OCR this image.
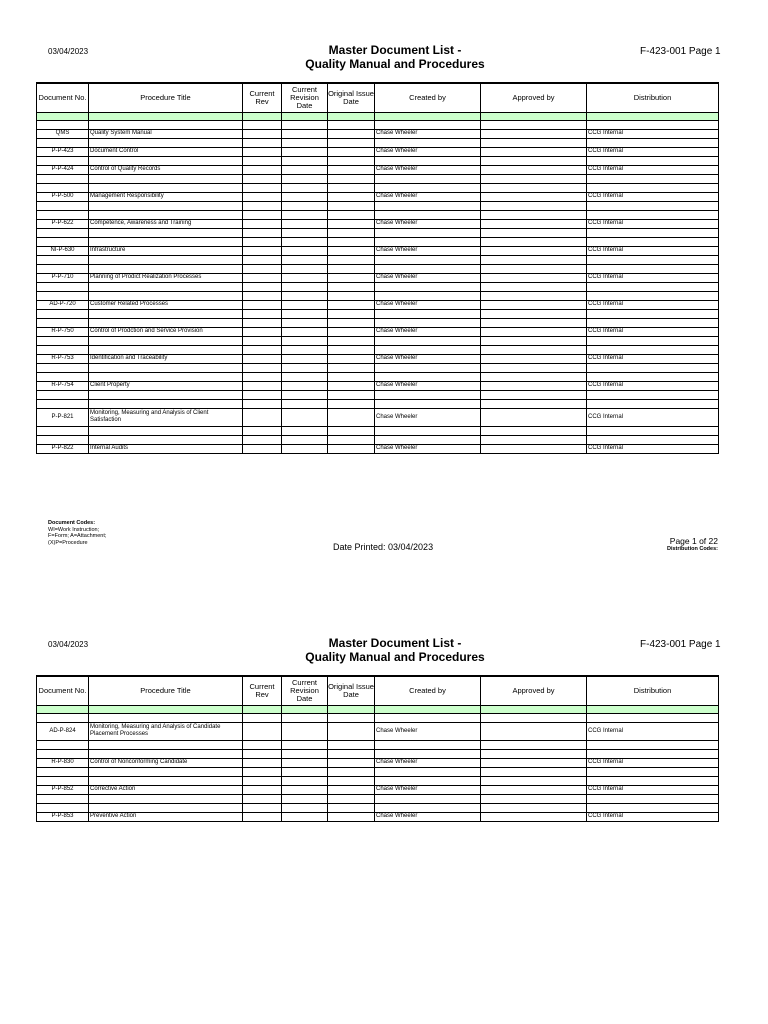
03/04/2023	Master Document List -
Quality Manual and Procedures
F-423-001 Page 1
Document No.	Procedure Title	Current Rev	Current Revision Date	Original Issue Date	Created by	Approved by	Distribution

QMS	Quality System Manual				Chase Wheeler		CCG Internal

P-P-423	Document Control				Chase Wheeler		CCG Internal

P-P-424	Control of Quality Records				Chase Wheeler		CCG Internal

P-P-500	Management Responsibility				Chase Wheeler		CCG Internal

P-P-622	Competence, Awareness and Training				Chase Wheeler		CCG Internal

NI-P-630	Infrastructure				Chase Wheeler		CCG Internal

P-P-710	Planning of Prodict Realization Processes				Chase Wheeler		CCG Internal

AD-P-720	Customer Related Processes				Chase Wheeler		CCG Internal

R-P-750	Control of Prodction and Service Provision				Chase Wheeler		CCG Internal

R-P-753	Identification and Traceability				Chase Wheeler		CCG Internal

R-P-754	Client Property				Chase Wheeler		CCG Internal

P-P-821	Monitoring, Measuring and Analysis of Client Satisfaction				Chase Wheeler		CCG Internal

P-P-822	Internal Audits				Chase Wheeler		CCG Internal
Document Codes:
WI=Work Instruction;
F=Form; A=Attachment;
(X)P=Procedure	Date Printed: 03/04/2023
Page 1 of 22
Distribution Codes:
03/04/2023	Master Document List -
Quality Manual and Procedures
F-423-001 Page 1
Document No.	Procedure Title	Current Rev	Current Revision Date	Original Issue Date	Created by	Approved by	Distribution

AD-P-824	Monitoring, Measuring and Analysis of Candidate Placement Processes				Chase Wheeler		CCG Internal

R-P-830	Control of Nonconforming Candidate				Chase Wheeler		CCG Internal

P-P-852	Corrective Action				Chase Wheeler		CCG Internal

P-P-853	Preventive Action				Chase Wheeler		CCG Internal
